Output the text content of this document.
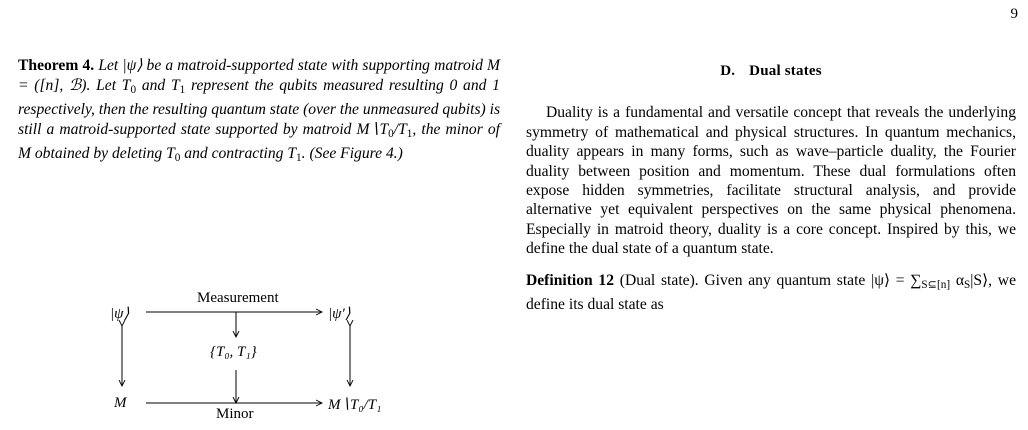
9
Theorem 4. Let |ψ⟩ be a matroid-supported state with supporting matroid M = ([n], ℬ). Let $T_0$ and $T_1$ represent the qubits measured resulting 0 and 1 respectively, then the resulting quantum state (over the unmeasured qubits) is still a matroid-supported state supported by matroid $M∖T_0/T_1$, the minor of M obtained by deleting $T_0$ and contracting $T_1$. (See Figure 4.)
|ψ⟩	|ψ′⟩
Measurement
{T₀, T₁}
M	M∖T₀/T₁
Minor
D. Dual states

Duality is a fundamental and versatile concept that reveals the underlying symmetry of mathematical and physical structures. In quantum mechanics, duality appears in many forms, such as wave–particle duality, the Fourier duality between position and momentum. These dual formulations often expose hidden symmetries, facilitate structural analysis, and provide alternative yet equivalent perspectives on the same physical phenomena. Especially in matroid theory, duality is a core concept. Inspired by this, we define the dual state of a quantum state.

Definition 12 (Dual state). Given any quantum state |ψ⟩ = $\sum_{S⊆[n]}$ $\alpha_S|S⟩$, we define its dual state as
